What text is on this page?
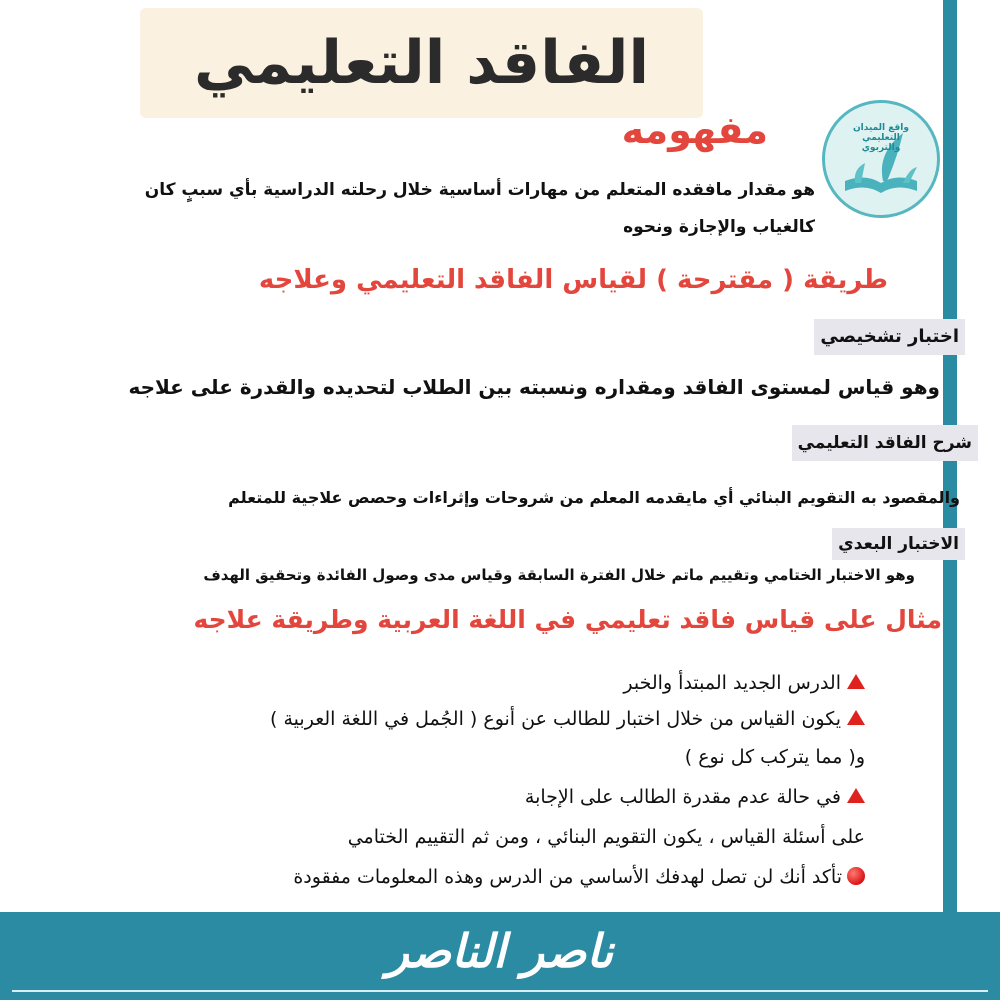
الفاقد التعليمي
واقع الميدان
التعليمي
والتربوي
مفهومه
هو مقدار مافقده المتعلم من مهارات أساسية خلال رحلته الدراسية بأي سببٍ كان
كالغياب والإجازة ونحوه
طريقة ( مقترحة ) لقياس الفاقد التعليمي وعلاجه
اختبار تشخيصي
وهو قياس لمستوى الفاقد ومقداره ونسبته بين الطلاب لتحديده والقدرة على علاجه
شرح الفاقد التعليمي
والمقصود به التقويم البنائي أي مايقدمه المعلم من شروحات وإثراءات وحصص علاجية للمتعلم
الاختبار البعدي
وهو الاختبار الختامي وتقييم ماتم خلال الفترة السابقة وقياس مدى وصول الفائدة وتحقيق الهدف
مثال على قياس فاقد تعليمي في اللغة العربية وطريقة علاجه
الدرس الجديد المبتدأ والخبر
يكون القياس من خلال اختبار للطالب عن أنوع ( الجُمل في اللغة العربية )
و( مما يتركب كل نوع )
في حالة عدم مقدرة الطالب على الإجابة
على أسئلة القياس ، يكون التقويم البنائي ، ومن ثم التقييم الختامي
تأكد أنك لن تصل لهدفك الأساسي من الدرس وهذه المعلومات مفقودة
ناصر الناصر
